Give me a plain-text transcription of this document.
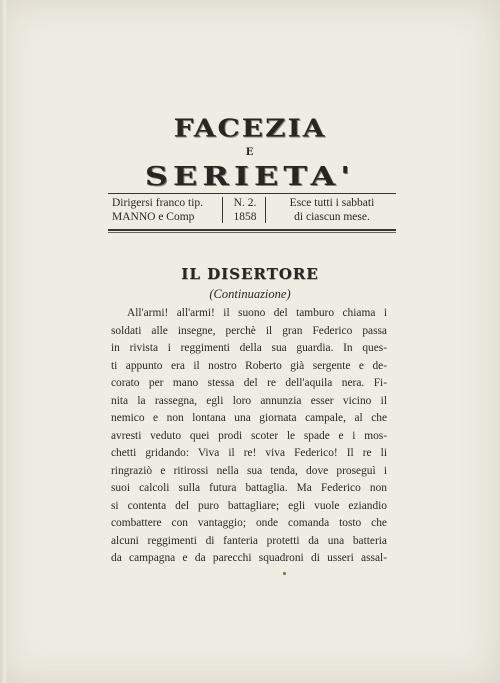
FACEZIA
E
SERIETA'
Dirigersi franco tip.
MANNO e Comp
N. 2.
1858
Esce tutti i sabbati
di ciascun mese.
IL DISERTORE
(Continuazione)
All'armi! all'armi! il suono del tamburo chiama i
soldati alle insegne, perchè il gran Federico passa
in rivista i reggimenti della sua guardia. In ques-
ti appunto era il nostro Roberto già sergente e de-
corato per mano stessa del re dell'aquila nera. Fi-
nita la rassegna, egli loro annunzia esser vicino il
nemico e non lontana una giornata campale, al che
avresti veduto quei prodi scoter le spade e i mos-
chetti gridando: Viva il re! viva Federico! Il re li
ringraziò e ritirossi nella sua tenda, dove proseguì i
suoi calcoli sulla futura battaglia. Ma Federico non
si contenta del puro battagliare; egli vuole eziandio
combattere con vantaggio; onde comanda tosto che
alcuni reggimenti di fanteria protetti da una batteria
da campagna e da parecchi squadroni di usseri assal-
